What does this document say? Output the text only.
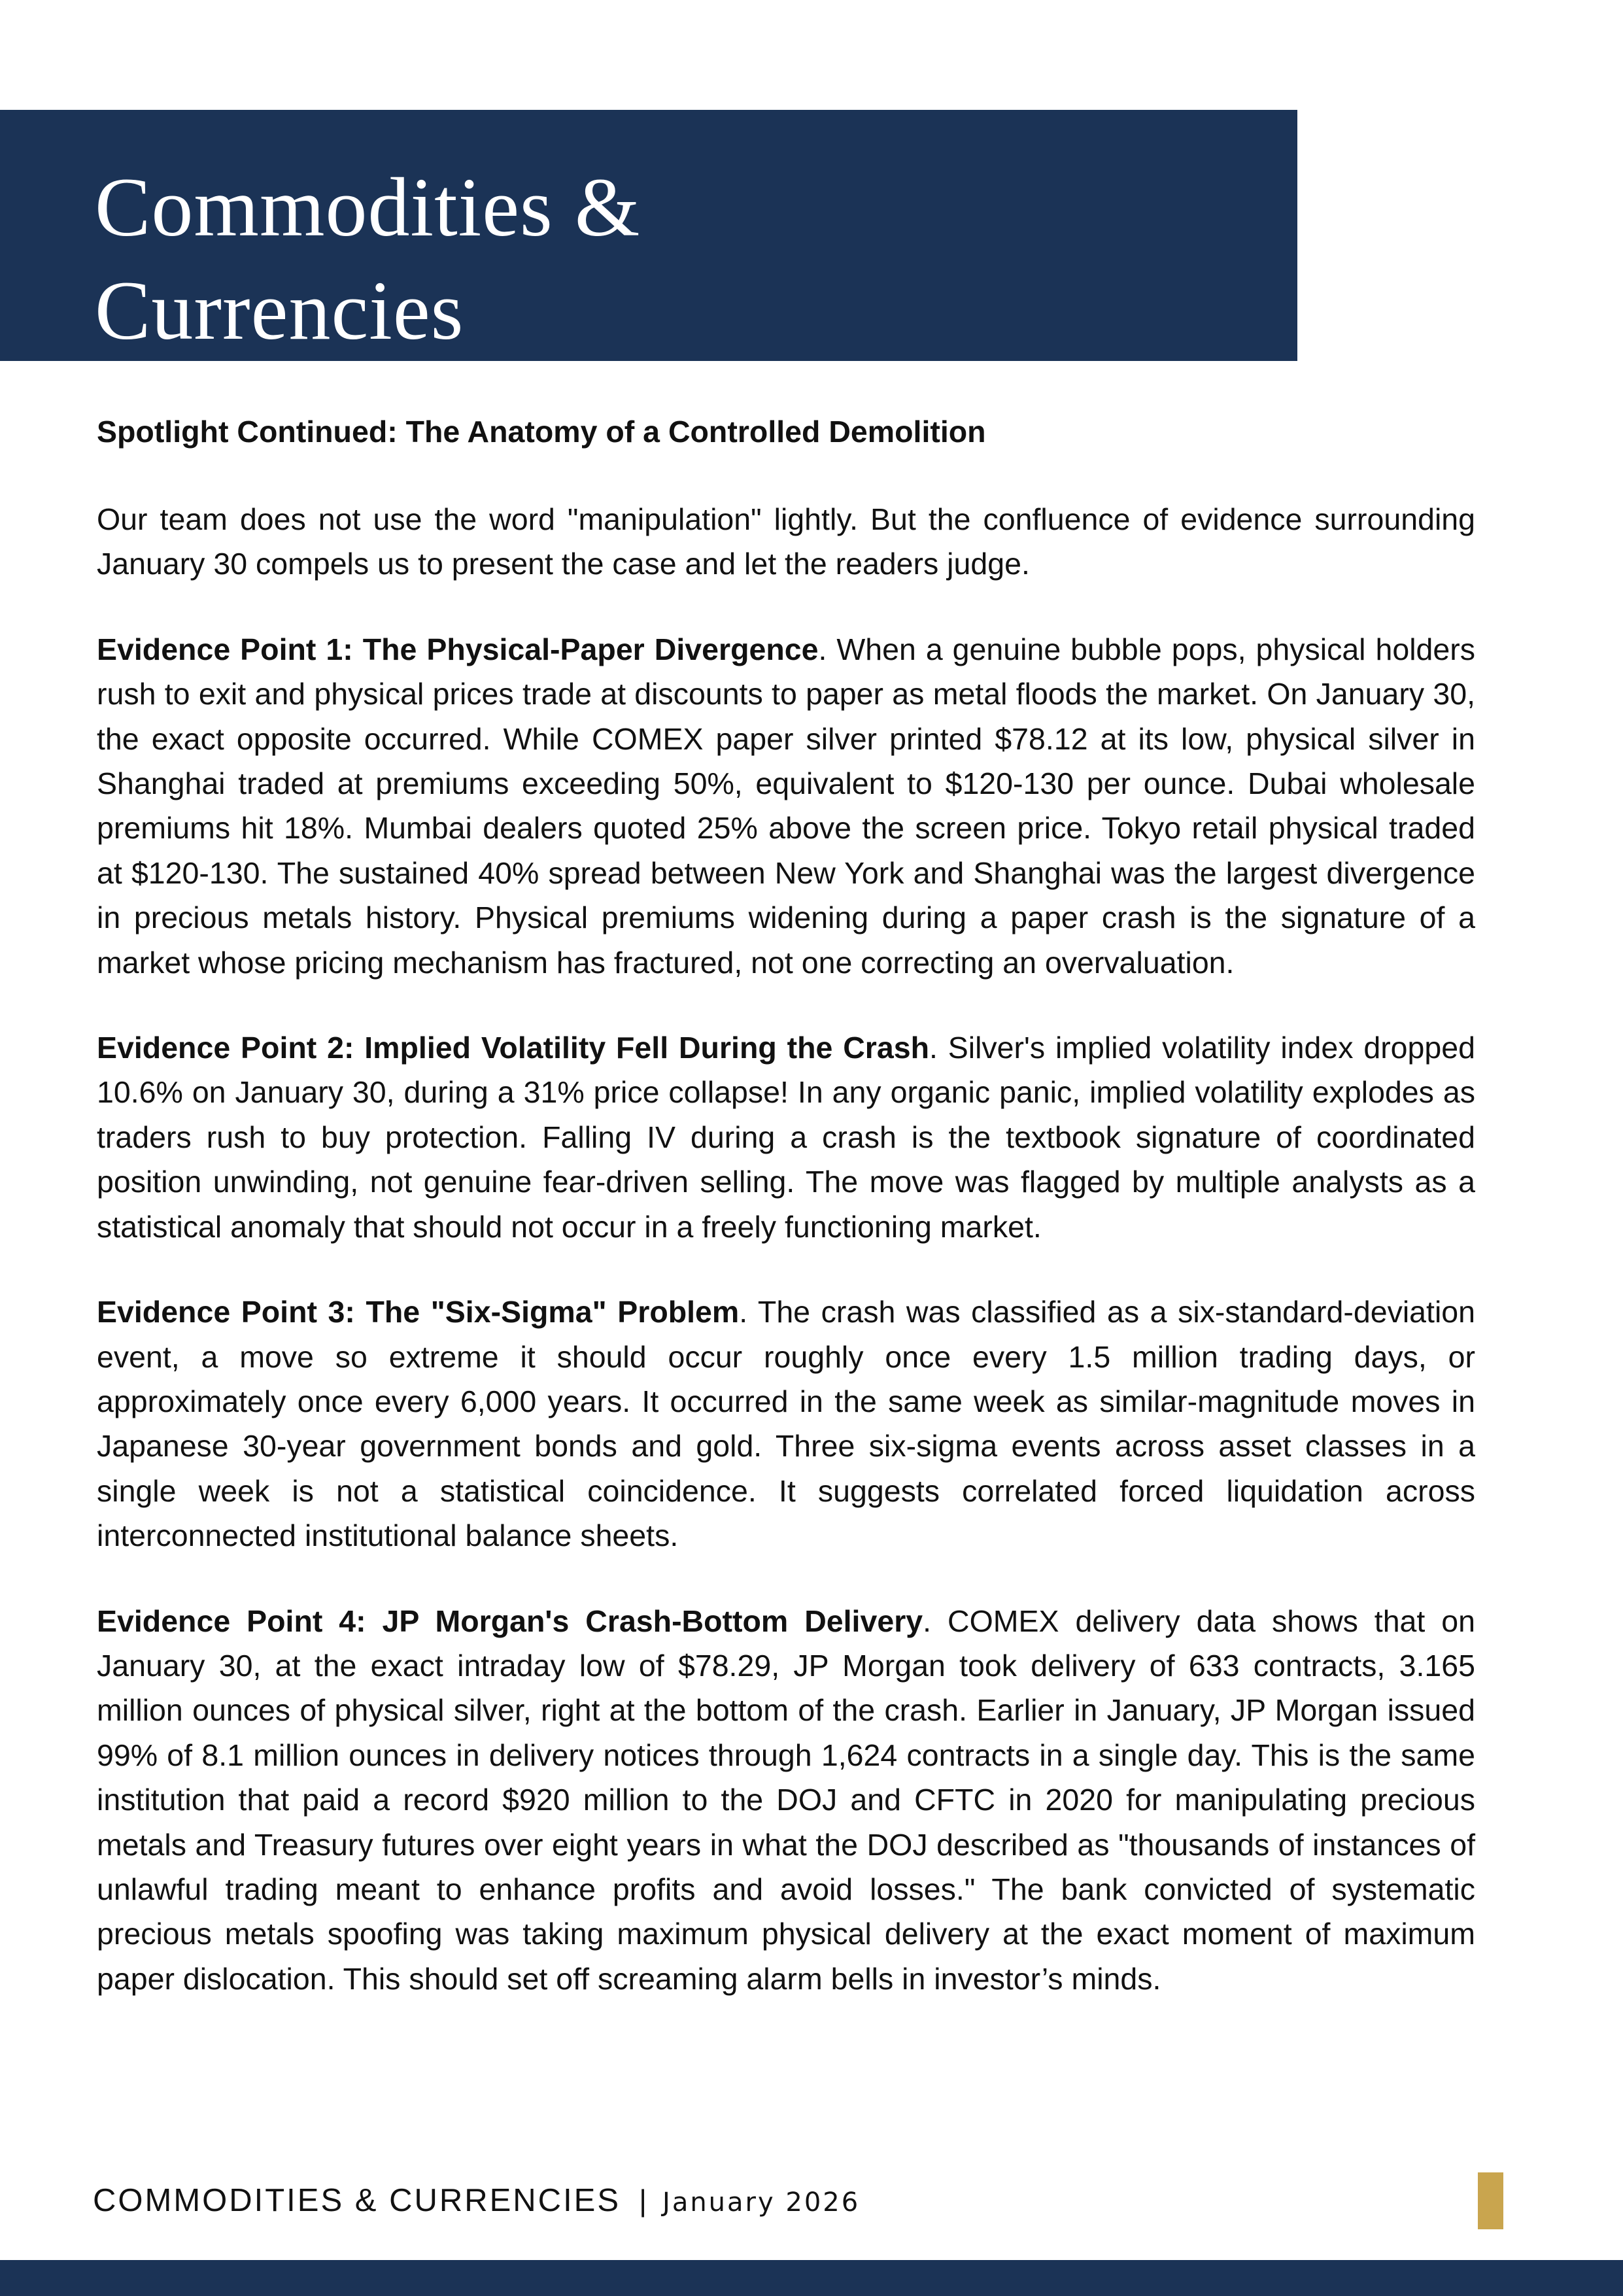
Commodities &
Currencies
Spotlight Continued: The Anatomy of a Controlled Demolition

Our team does not use the word "manipulation" lightly. But the confluence of evidence surrounding January 30 compels us to present the case and let the readers judge.

Evidence Point 1: The Physical-Paper Divergence. When a genuine bubble pops, physical holders rush to exit and physical prices trade at discounts to paper as metal floods the market. On January 30, the exact opposite occurred. While COMEX paper silver printed $78.12 at its low, physical silver in Shanghai traded at premiums exceeding 50%, equivalent to $120-130 per ounce. Dubai wholesale premiums hit 18%. Mumbai dealers quoted 25% above the screen price. Tokyo retail physical traded at $120-130. The sustained 40% spread between New York and Shanghai was the largest divergence in precious metals history. Physical premiums widening during a paper crash is the signature of a market whose pricing mechanism has fractured, not one correcting an overvaluation.

Evidence Point 2: Implied Volatility Fell During the Crash. Silver's implied volatility index dropped 10.6% on January 30, during a 31% price collapse! In any organic panic, implied volatility explodes as traders rush to buy protection. Falling IV during a crash is the textbook signature of coordinated position unwinding, not genuine fear-driven selling. The move was flagged by multiple analysts as a statistical anomaly that should not occur in a freely functioning market.

Evidence Point 3: The "Six-Sigma" Problem. The crash was classified as a six-standard-deviation event, a move so extreme it should occur roughly once every 1.5 million trading days, or approximately once every 6,000 years. It occurred in the same week as similar-magnitude moves in Japanese 30-year government bonds and gold. Three six-sigma events across asset classes in a single week is not a statistical coincidence. It suggests correlated forced liquidation across interconnected institutional balance sheets.

Evidence Point 4: JP Morgan's Crash-Bottom Delivery. COMEX delivery data shows that on January 30, at the exact intraday low of $78.29, JP Morgan took delivery of 633 contracts, 3.165 million ounces of physical silver, right at the bottom of the crash. Earlier in January, JP Morgan issued 99% of 8.1 million ounces in delivery notices through 1,624 contracts in a single day. This is the same institution that paid a record $920 million to the DOJ and CFTC in 2020 for manipulating precious metals and Treasury futures over eight years in what the DOJ described as "thousands of instances of unlawful trading meant to enhance profits and avoid losses." The bank convicted of systematic precious metals spoofing was taking maximum physical delivery at the exact moment of maximum paper dislocation. This should set off screaming alarm bells in investor’s minds.

COMMODITIES & CURRENCIES | January 2026
